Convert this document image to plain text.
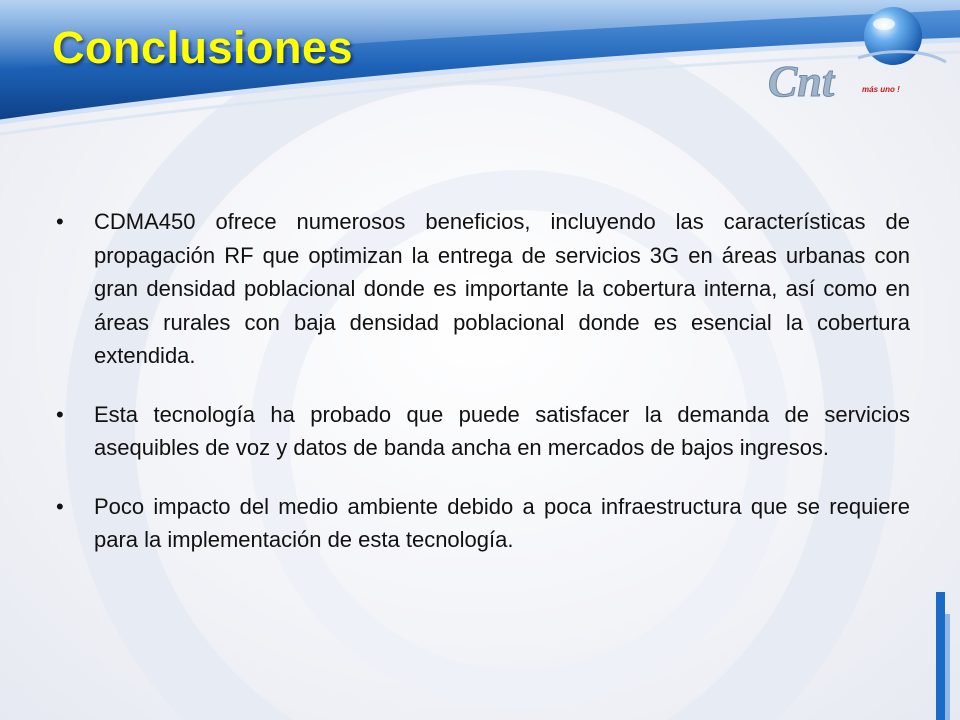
Conclusiones
Cnt	más uno !
• CDMA450 ofrece numerosos beneficios, incluyendo las características de propagación RF que optimizan la entrega de servicios 3G en áreas urbanas con gran densidad poblacional donde es importante la cobertura interna, así como en áreas rurales con baja densidad poblacional donde es esencial la cobertura extendida.
• Esta tecnología ha probado que puede satisfacer la demanda de servicios asequibles de voz y datos de banda ancha en mercados de bajos ingresos.
• Poco impacto del medio ambiente debido a poca infraestructura que se requiere para la implementación de esta tecnología.
